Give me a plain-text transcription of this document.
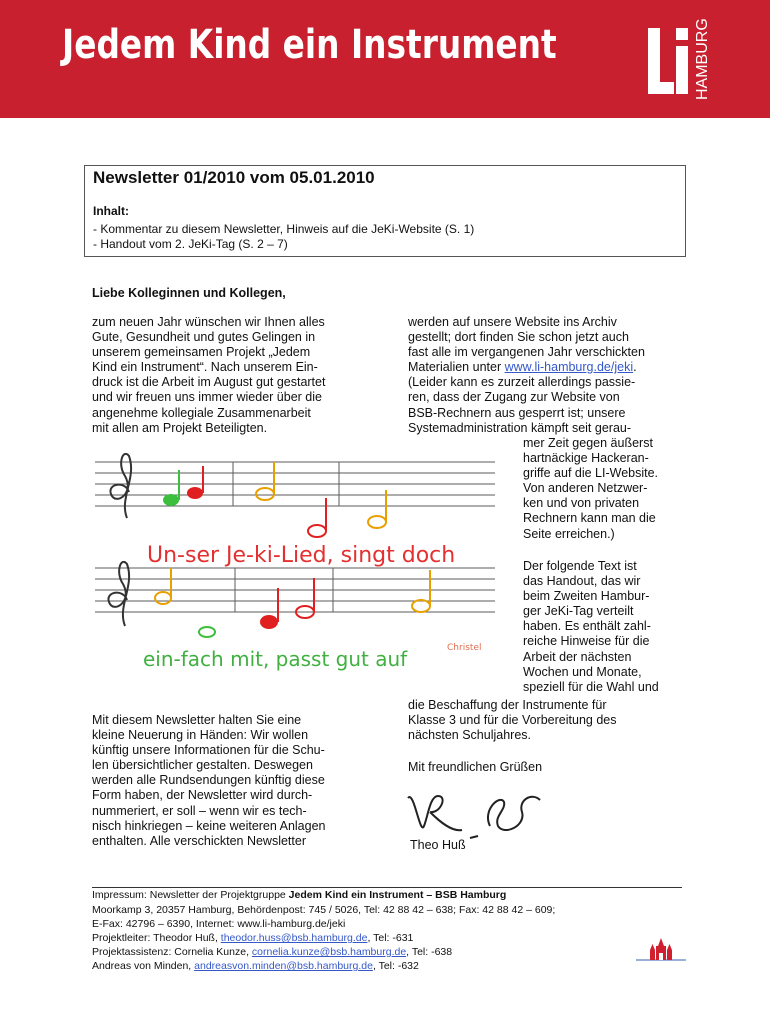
Jedem Kind ein Instrument	HAMBURG
Newsletter 01/2010 vom 05.01.2010
Inhalt:
- Kommentar zu diesem Newsletter, Hinweis auf die JeKi-Website (S. 1)
- Handout vom 2. JeKi-Tag (S. 2 – 7)
Liebe Kolleginnen und Kollegen,
zum neuen Jahr wünschen wir Ihnen alles
Gute, Gesundheit und gutes Gelingen in
unserem gemeinsamen Projekt „Jedem
Kind ein Instrument“. Nach unserem Ein-
druck ist die Arbeit im August gut gestartet
und wir freuen uns immer wieder über die
angenehme kollegiale Zusammenarbeit
mit allen am Projekt Beteiligten.
Mit diesem Newsletter halten Sie eine
kleine Neuerung in Händen: Wir wollen
künftig unsere Informationen für die Schu-
len übersichtlicher gestalten. Deswegen
werden alle Rundsendungen künftig diese
Form haben, der Newsletter wird durch-
nummeriert, er soll – wenn wir es tech-
nisch hinkriegen – keine weiteren Anlagen
enthalten. Alle verschickten Newsletter
werden auf unsere Website ins Archiv
gestellt; dort finden Sie schon jetzt auch
fast alle im vergangenen Jahr verschickten
Materialien unter www.li-hamburg.de/jeki.
(Leider kann es zurzeit allerdings passie-
ren, dass der Zugang zur Website von
BSB-Rechnern aus gesperrt ist; unsere
Systemadministration kämpft seit gerau-
mer Zeit gegen äußerst
hartnäckige Hackeran-
griffe auf die LI-Website.
Von anderen Netzwer-
ken und von privaten
Rechnern kann man die
Seite erreichen.)
Der folgende Text ist
das Handout, das wir
beim Zweiten Hambur-
ger JeKi-Tag verteilt
haben. Es enthält zahl-
reiche Hinweise für die
Arbeit der nächsten
Wochen und Monate,
speziell für die Wahl und
die Beschaffung der Instrumente für
Klasse 3 und für die Vorbereitung des
nächsten Schuljahres.
Mit freundlichen Grüßen
Theo Huß
Un-ser Je-ki-Lied, singt doch
ein-fach mit, passt gut auf	Christel
Impressum: Newsletter der Projektgruppe Jedem Kind ein Instrument – BSB Hamburg
Moorkamp 3, 20357 Hamburg, Behördenpost: 745 / 5026, Tel: 42 88 42 – 638; Fax: 42 88 42 – 609;
E-Fax: 42796 – 6390, Internet: www.li-hamburg.de/jeki
Projektleiter: Theodor Huß, theodor.huss@bsb.hamburg.de, Tel: -631
Projektassistenz: Cornelia Kunze, cornelia.kunze@bsb.hamburg.de, Tel: -638
Andreas von Minden, andreasvon.minden@bsb.hamburg.de, Tel: -632
